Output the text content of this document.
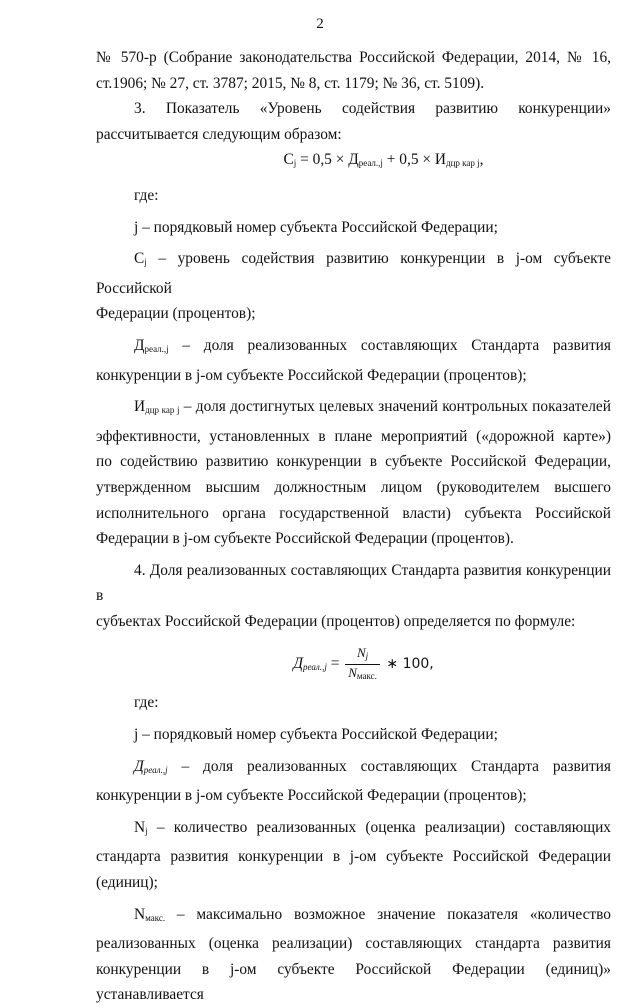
2

№ 570-р (Собрание законодательства Российской Федерации, 2014, № 16,

ст.1906; № 27, ст. 3787; 2015, № 8, ст. 1179; № 36, ст. 5109).

3. Показатель «Уровень содействия развитию конкуренции»

рассчитывается следующим образом:

$C_j = 0,5 \times Д_{реал.,j} + 0,5 \times И_{дцр кар j}$,

где:

j – порядковый номер субъекта Российской Федерации;

$C_j$ – уровень содействия развитию конкуренции в j-ом субъекте Российской

Федерации (процентов);

$Д_{реал.,j}$ – доля реализованных составляющих Стандарта развития

конкуренции в j-ом субъекте Российской Федерации (процентов);

$И_{дцр кар j}$ – доля достигнутых целевых значений контрольных показателей

эффективности, установленных в плане мероприятий («дорожной карте»)

по содействию развитию конкуренции в субъекте Российской Федерации,

утвержденном высшим должностным лицом (руководителем высшего

исполнительного органа государственной власти) субъекта Российской

Федерации в j-ом субъекте Российской Федерации (процентов).

4. Доля реализованных составляющих Стандарта развития конкуренции в

субъектах Российской Федерации (процентов) определяется по формуле:

$Д_{реал.,j} = \frac{N_j}{N_{макс.}}$ ∗ 100,

где:

j – порядковый номер субъекта Российской Федерации;

$Д_{реал.,j}$ – доля реализованных составляющих Стандарта развития

конкуренции в j-ом субъекте Российской Федерации (процентов);

$N_j$ – количество реализованных (оценка реализации) составляющих

стандарта развития конкуренции в j-ом субъекте Российской Федерации

(единиц);

$N_{макс.}$ – максимально возможное значение показателя «количество

реализованных (оценка реализации) составляющих стандарта развития

конкуренции в j-ом субъекте Российской Федерации (единиц)» устанавливается
